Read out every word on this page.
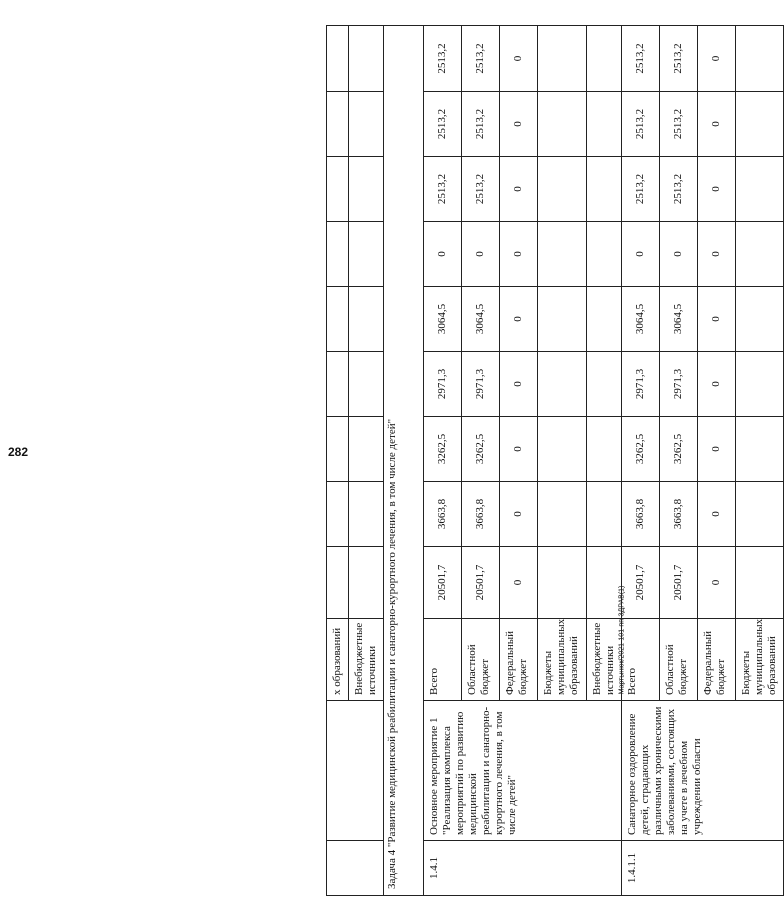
282
Мартынюк/2021-101-пп-ЗДРАВ(1)
		х образований									
		Внебюджетные источники									
Задача 4 "Развитие медицинской реабилитации и санаторно-курортного лечения, в том числе детей"											
1.4.1	Основное мероприятие 1 "Реализация комплекса мероприятий по развитию медицинской реабилитации и санаторно-курортного лечения, в том числе детей"	Всего	20501,7	3663,8	3262,5	2971,3	3064,5	0	2513,2	2513,2	2513,2
		Областной бюджет	20501,7	3663,8	3262,5	2971,3	3064,5	0	2513,2	2513,2	2513,2
		Федеральный бюджет	0	0	0	0	0	0	0	0	0
		Бюджеты муниципальных образований									
		Внебюджетные источники									
1.4.1.1	Санаторное оздоровление детей, страдающих различными хроническими заболеваниями, состоящих на учете в лечебном учреждении области	Всего	20501,7	3663,8	3262,5	2971,3	3064,5	0	2513,2	2513,2	2513,2
		Областной бюджет	20501,7	3663,8	3262,5	2971,3	3064,5	0	2513,2	2513,2	2513,2
		Федеральный бюджет	0	0	0	0	0	0	0	0	0
		Бюджеты муниципальных образований									
